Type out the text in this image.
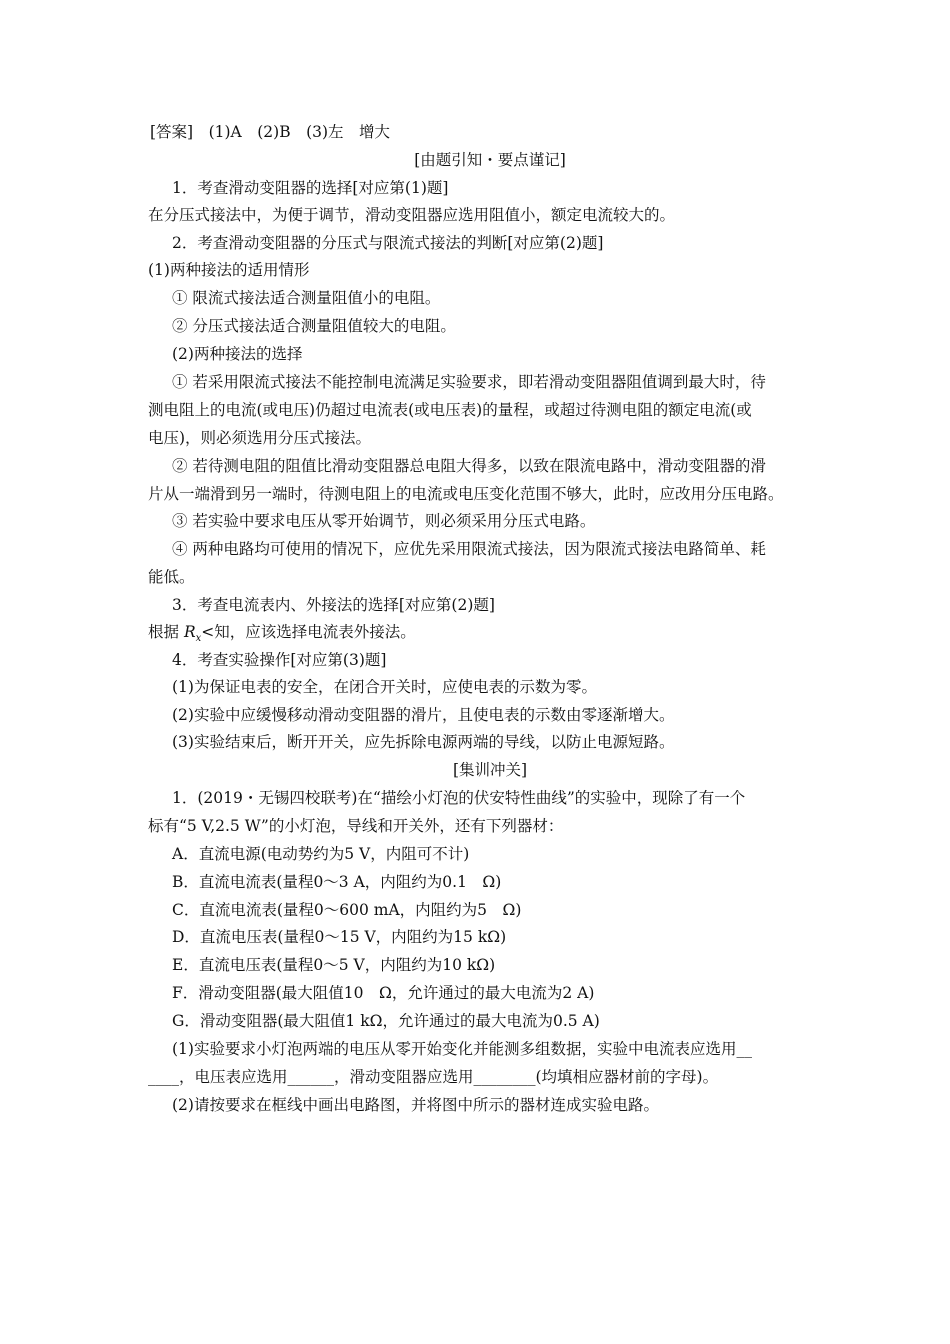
[答案]　(1)A　(2)B　(3)左　增大
[由题引知・要点谨记]
1．考查滑动变阻器的选择[对应第(1)题]
在分压式接法中，为便于调节，滑动变阻器应选用阻值小，额定电流较大的。
2．考查滑动变阻器的分压式与限流式接法的判断[对应第(2)题]
(1)两种接法的适用情形
① 限流式接法适合测量阻值小的电阻。
② 分压式接法适合测量阻值较大的电阻。
(2)两种接法的选择
① 若采用限流式接法不能控制电流满足实验要求，即若滑动变阻器阻值调到最大时，待
测电阻上的电流(或电压)仍超过电流表(或电压表)的量程，或超过待测电阻的额定电流(或
电压)，则必须选用分压式接法。
② 若待测电阻的阻值比滑动变阻器总电阻大得多，以致在限流电路中，滑动变阻器的滑
片从一端滑到另一端时，待测电阻上的电流或电压变化范围不够大，此时，应改用分压电路。
③ 若实验中要求电压从零开始调节，则必须采用分压式电路。
④ 两种电路均可使用的情况下，应优先采用限流式接法，因为限流式接法电路简单、耗
能低。
3．考查电流表内、外接法的选择[对应第(2)题]
根据 $R_x<$知，应该选择电流表外接法。
4．考查实验操作[对应第(3)题]
(1)为保证电表的安全，在闭合开关时，应使电表的示数为零。
(2)实验中应缓慢移动滑动变阻器的滑片，且使电表的示数由零逐渐增大。
(3)实验结束后，断开开关，应先拆除电源两端的导线，以防止电源短路。
[集训冲关]
1．(2019・无锡四校联考)在“描绘小灯泡的伏安特性曲线”的实验中，现除了有一个
标有“5 V,2.5 W”的小灯泡，导线和开关外，还有下列器材：
A．直流电源(电动势约为5 V，内阻可不计)
B．直流电流表(量程0～3 A，内阻约为0.1　Ω)
C．直流电流表(量程0～600 mA，内阻约为5　Ω)
D．直流电压表(量程0～15 V，内阻约为15 kΩ)
E．直流电压表(量程0～5 V，内阻约为10 kΩ)
F．滑动变阻器(最大阻值10　Ω，允许通过的最大电流为2 A)
G．滑动变阻器(最大阻值1 kΩ，允许通过的最大电流为0.5 A)
(1)实验要求小灯泡两端的电压从零开始变化并能测多组数据，实验中电流表应选用__
____，电压表应选用______，滑动变阻器应选用________(均填相应器材前的字母)。
(2)请按要求在框线中画出电路图，并将图中所示的器材连成实验电路。
